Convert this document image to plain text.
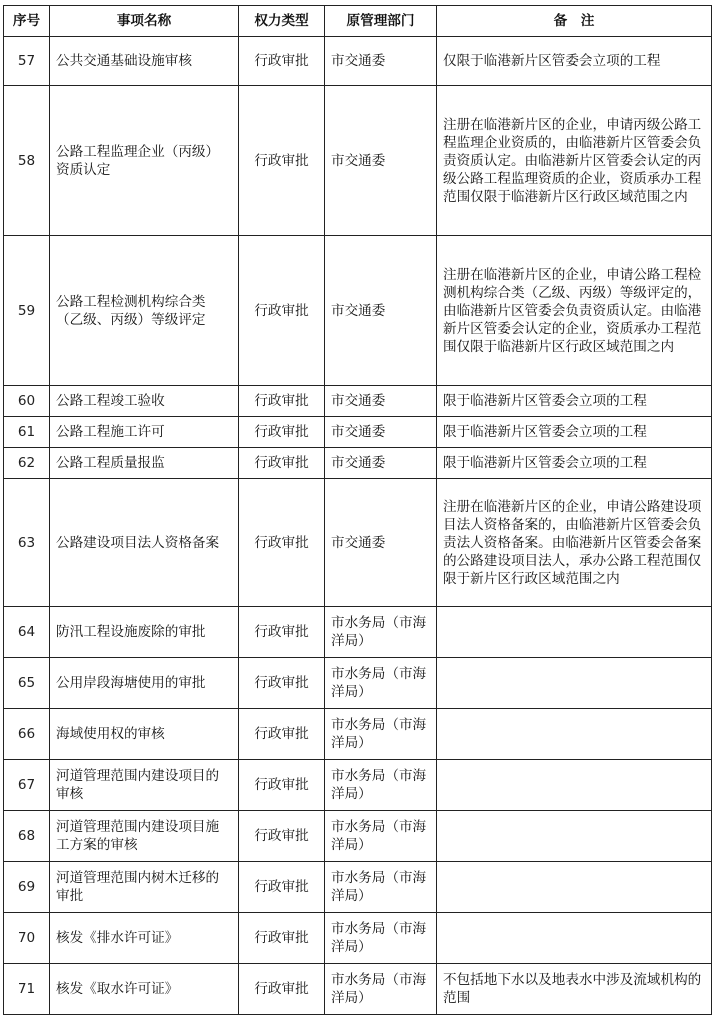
序号	事项名称	权力类型	原管理部门	备　注
57	公共交通基础设施审核	行政审批	市交通委	仅限于临港新片区管委会立项的工程
58	公路工程监理企业（丙级）资质认定	行政审批	市交通委	注册在临港新片区的企业，申请丙级公路工程监理企业资质的，由临港新片区管委会负责资质认定。由临港新片区管委会认定的丙级公路工程监理资质的企业，资质承办工程范围仅限于临港新片区行政区域范围之内
59	公路工程检测机构综合类（乙级、丙级）等级评定	行政审批	市交通委	注册在临港新片区的企业，申请公路工程检测机构综合类（乙级、丙级）等级评定的，由临港新片区管委会负责资质认定。由临港新片区管委会认定的企业，资质承办工程范围仅限于临港新片区行政区域范围之内
60	公路工程竣工验收	行政审批	市交通委	限于临港新片区管委会立项的工程
61	公路工程施工许可	行政审批	市交通委	限于临港新片区管委会立项的工程
62	公路工程质量报监	行政审批	市交通委	限于临港新片区管委会立项的工程
63	公路建设项目法人资格备案	行政审批	市交通委	注册在临港新片区的企业，申请公路建设项目法人资格备案的，由临港新片区管委会负责法人资格备案。由临港新片区管委会备案的公路建设项目法人，承办公路工程范围仅限于新片区行政区域范围之内
64	防汛工程设施废除的审批	行政审批	市水务局（市海洋局）	
65	公用岸段海塘使用的审批	行政审批	市水务局（市海洋局）	
66	海域使用权的审核	行政审批	市水务局（市海洋局）	
67	河道管理范围内建设项目的审核	行政审批	市水务局（市海洋局）	
68	河道管理范围内建设项目施工方案的审核	行政审批	市水务局（市海洋局）	
69	河道管理范围内树木迁移的审批	行政审批	市水务局（市海洋局）	
70	核发《排水许可证》	行政审批	市水务局（市海洋局）	
71	核发《取水许可证》	行政审批	市水务局（市海洋局）	不包括地下水以及地表水中涉及流域机构的范围
